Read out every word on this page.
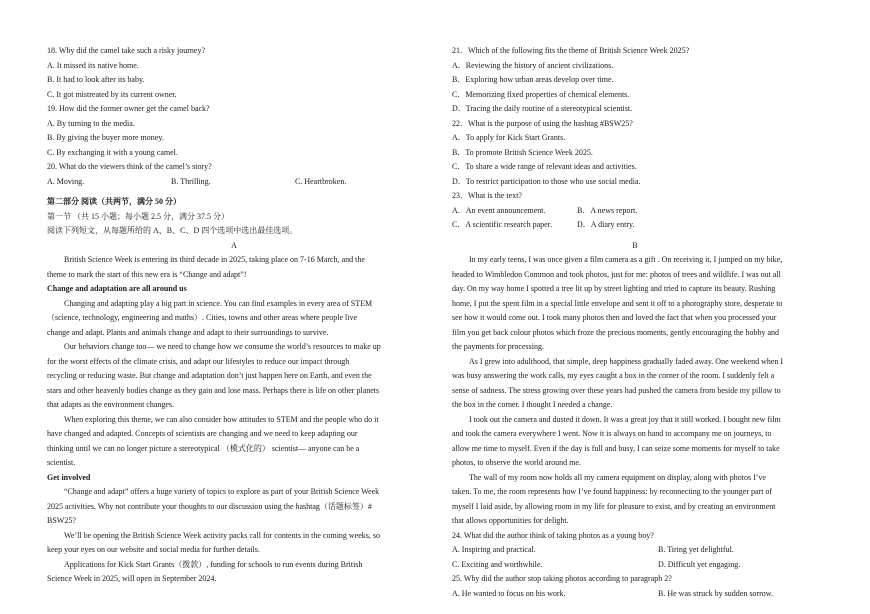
18. Why did the camel take such a risky journey?
A. It missed its native home.
B. It had to look after its baby.
C. It got mistreated by its current owner.
19. How did the former owner get the camel back?
A. By turning to the media.
B. By giving the buyer more money.
C. By exchanging it with a young camel.
20. What do the viewers think of the camel’s story?
A. Moving.	B. Thrilling.	C. Heartbroken.
第二部分 阅读（共两节，满分 50 分）
第一节 （共 15 小题；每小题 2.5 分，满分 37.5 分）
阅读下列短文，从每题所给的 A、B、C、D 四个选项中选出最佳选项。
A
British Science Week is entering its third decade in 2025, taking place on 7-16 March, and the
theme to mark the start of this new era is “Change and adapt”!
Change and adaptation are all around us
Changing and adapting play a big part in science. You can find examples in every area of STEM
（science, technology, engineering and maths）. Cities, towns and other areas where people live
change and adapt. Plants and animals change and adapt to their surroundings to survive.
Our behaviors change too— we need to change how we consume the world’s resources to make up
for the worst effects of the climate crisis, and adapt our lifestyles to reduce our impact through
recycling or reducing waste. But change and adaptation don’t just happen here on Earth, and even the
stars and other heavenly bodies change as they gain and lose mass. Perhaps there is life on other planets
that adapts as the environment changes.
When exploring this theme, we can also consider how attitudes to STEM and the people who do it
have changed and adapted. Concepts of scientists are changing and we need to keep adapting our
thinking until we can no longer picture a stereotypical （模式化的） scientist— anyone can be a
scientist.
Get involved
“Change and adapt” offers a huge variety of topics to explore as part of your British Science Week
2025 activities. Why not contribute your thoughts to our discussion using the hashtag（话题标签）#
BSW25?
We’ll be opening the British Science Week activity packs call for contents in the coming weeks, so
keep your eyes on our website and social media for further details.
Applications for Kick Start Grants（拨款）, funding for schools to run events during British
Science Week in 2025, will open in September 2024.
21．Which of the following fits the theme of British Science Week 2025?
A．Reviewing the history of ancient civilizations.
B．Exploring how urban areas develop over time.
C．Memorizing fixed properties of chemical elements.
D．Tracing the daily routine of a stereotypical scientist.
22．What is the purpose of using the hashtag #BSW25?
A．To apply for Kick Start Grants.
B．To promote British Science Week 2025.
C．To share a wide range of relevant ideas and activities.
D．To restrict participation to those who use social media.
23．What is the text?
A．An event announcement.	B．A news report.
C．A scientific research paper.	D．A diary entry.
B
In my early teens, I was once given a film camera as a gift . On receiving it, I jumped on my bike,
headed to Wimbledon Common and took photos, just for me: photos of trees and wildlife. I was out all
day. On my way home I spotted a tree lit up by street lighting and tried to capture its beauty. Rushing
home, I put the spent film in a special little envelope and sent it off to a photography store, desperate to
see how it would come out. I took many photos then and loved the fact that when you processed your
film you get back colour photos which froze the precious moments, gently encouraging the hobby and
the payments for processing.
As I grew into adulthood, that simple, deep happiness gradually faded away. One weekend when I
was busy answering the work calls, my eyes caught a box in the corner of the room. I suddenly felt a
sense of sadness. The stress growing over these years had pushed the camera from beside my pillow to
the box in the corner. I thought I needed a change.
I took out the camera and dusted it down. It was a great joy that it still worked. I bought new film
and took the camera everywhere I went. Now it is always on hand to accompany me on journeys, to
allow me time to myself. Even if the day is full and busy, I can seize some moments for myself to take
photos, to observe the world around me.
The wall of my room now holds all my camera equipment on display, along with photos I’ve
taken. To me, the room represents how I’ve found happiness: by reconnecting to the younger part of
myself I laid aside, by allowing room in my life for pleasure to exist, and by creating an environment
that allows opportunities for delight.
24. What did the author think of taking photos as a young boy?
A. Inspiring and practical.	B. Tiring yet delightful.
C. Exciting and worthwhile.	D. Difficult yet engaging.
25. Why did the author stop taking photos according to paragraph 2?
A. He wanted to focus on his work.	B. He was struck by sudden sorrow.
